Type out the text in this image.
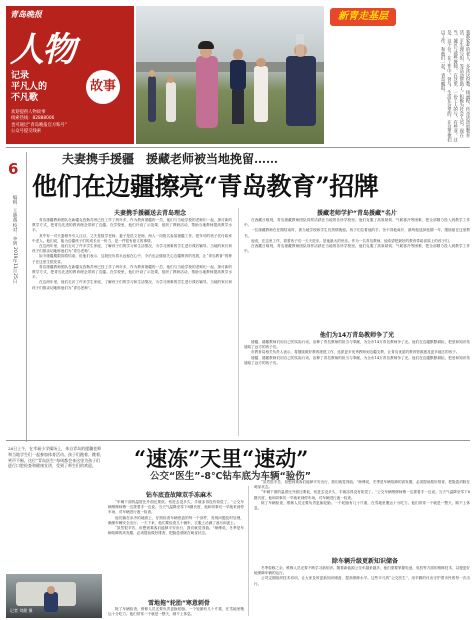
青岛晚报
人物
故事
记录
平凡人的
不凡歌
欢迎提供人物故事
线索热线：82888006
也可通过“青岛晚报官方账号”
公众号提交线索
新青走基层
我都家乡的老人、多读这份教。线流程，传奇活动的教育活，平生理与组，等活动帮助了。积极为社会人员。现在当，城区与那些教师，在这里，一份工人的与，有些业。这是，这个位，在工作中，曾与，生活在这里的，在这里他们以工作，和他们一起，青岛晚报。
6
编辑：王晓燕 校对：李明 2019年11月25日
夫妻携手援疆　援藏老师被当地挽留……
他们在边疆擦亮“青岛教育”招牌
夫妻携手援疆送去青岛理念

青岛援疆教师团队在新疆克孜勒苏州已经工作了两年多，作为教育援疆的一员，他们与当地学校的老师们一起，探讨新的教学方式，把青岛先进的教育理念带到了边疆。在学校里，他们开设了示范课，组织了教研活动，帮助当地教师提高教学水平。

其中有一对夫妻格外引人注目，丈夫是数学老师，妻子是语文老师，两人一同报名参加援疆工作，把年幼的孩子托付给家中老人。他们说，能为边疆孩子们的成长出一份力，是一件很有意义的事情。

在这两年里，他们走访了许多学生家庭，了解孩子们的学习和生活情况，为学习困难的学生进行课后辅导。当地的家长和孩子们都亲切地称他们为“青岛老师”。

如今援疆期限即将结束，但他们表示，这段经历将永远留在心中，今后也会继续关心边疆教育的发展，让“青岛教育”的种子在这里生根发芽。

青岛援疆教师团队在新疆克孜勒苏州已经工作了两年多，作为教育援疆的一员，他们与当地学校的老师们一起，探讨新的教学方式，把青岛先进的教育理念带到了边疆。在学校里，他们开设了示范课，组织了教研活动，帮助当地教师提高教学水平。

在这两年里，他们走访了许多学生家庭，了解孩子们的学习和生活情况，为学习困难的学生进行课后辅导。当地的家长和孩子们都亲切地称他们为“青岛老师”。

援藏老师学护“青岛援藏”名片

在西藏日喀则，青岛援藏教师团队同样活跃在当地的各所学校里。他们克服了高原缺氧、气候寒冷等困难，把全部精力投入到教学工作中。

一位援藏教师在任期结束时，被当地学校和学生们热情挽留。孩子们拉着他的手，舍不得他离开，最终他选择延期一年，继续留在这里教书。

他说，在这里工作，看着孩子们一天天进步，是他最大的快乐。作为一名青岛教师，他希望把最好的教育带给高原上的孩子们。

在西藏日喀则，青岛援藏教师团队同样活跃在当地的各所学校里。他们克服了高原缺氧、气候寒冷等困难，把全部精力投入到教学工作中。

他们为14万青岛教师争了光

援疆、援藏教师们用自己的实际行动，诠释了青岛教师的担当与奉献，为全市14万青岛教师争了光。他们在边疆默默耕耘，把爱和知识传递给了远方的孩子们。

市教育局相关负责人表示，将继续做好教育援建工作，选派更多优秀教师到边疆支教，让青岛优质的教育资源惠及更多地区的孩子。

援疆、援藏教师们用自己的实际行动，诠释了青岛教师的担当与奉献，为全市14万青岛教师争了光。他们在边疆默默耕耘，把爱和知识传递给了远方的孩子们。

28日上午，在幸福小学操场上，来自青岛的援疆老师和当地学生们一起参加体育活动。孩子们跑着、跳着，笑声不断。这位“青岛医生”每周都会来这里为孩子们进行口腔检查和健康宣讲，受到了师生们的欢迎。
记者 刘健 摄
“速冻”天里“速动”
公交“医生”-8℃钻车底为车辆“验伤”
钻车底查故障双手冻麻木

“车辆下面的温度比外面还要低，钻进去没多久，手就冻得没有知觉了。”公交车辆维修师傅一边搓着手一边说。当天气温降至零下8摄氏度，他和同事们一早就来到停车场，对车辆进行逐一检查。

他们躺在冰冷的地面上，仔细检查车辆底盘的每一个部件，发现问题及时处理，确保车辆安全出行。一天下来，他们要检查几十辆车，衣服上沾满了油污和泥土。

“虽然很辛苦，但想到乘客们能够平安出行，我们就觉得值。”师傅说，冬季是车辆故障的高发期，必须提前做好排查，把隐患消除在萌芽状态。

雪地拖“轮胎”寒意刺骨

除了车辆检查，维修人员还要负责更换轮胎。一个轮胎有几十斤重，在雪地里搬运十分吃力。他们常常一干就是一整天，顾不上休息。

“虽然很辛苦，但想到乘客们能够平安出行，我们就觉得值。”师傅说，冬季是车辆故障的高发期，必须提前做好排查，把隐患消除在萌芽状态。

“车辆下面的温度比外面还要低，钻进去没多久，手就冻得没有知觉了。”公交车辆维修师傅一边搓着手一边说。当天气温降至零下8摄氏度，他和同事们一早就来到停车场，对车辆进行逐一检查。

除了车辆检查，维修人员还要负责更换轮胎。一个轮胎有几十斤重，在雪地里搬运十分吃力。他们常常一干就是一整天，顾不上休息。

除车辆升级更新知识储备

冬季检修之余，维修人员还要不断学习新知识。随着新能源公交车越来越多，他们需要掌握电池、电机等方面的维修技术，以便更好地保障车辆的运行。

公司定期组织技术培训，让大家及时更新知识储备，提高维修水平。这些平凡的“公交医生”，用辛勤的付出守护着市民的每一次出行。
